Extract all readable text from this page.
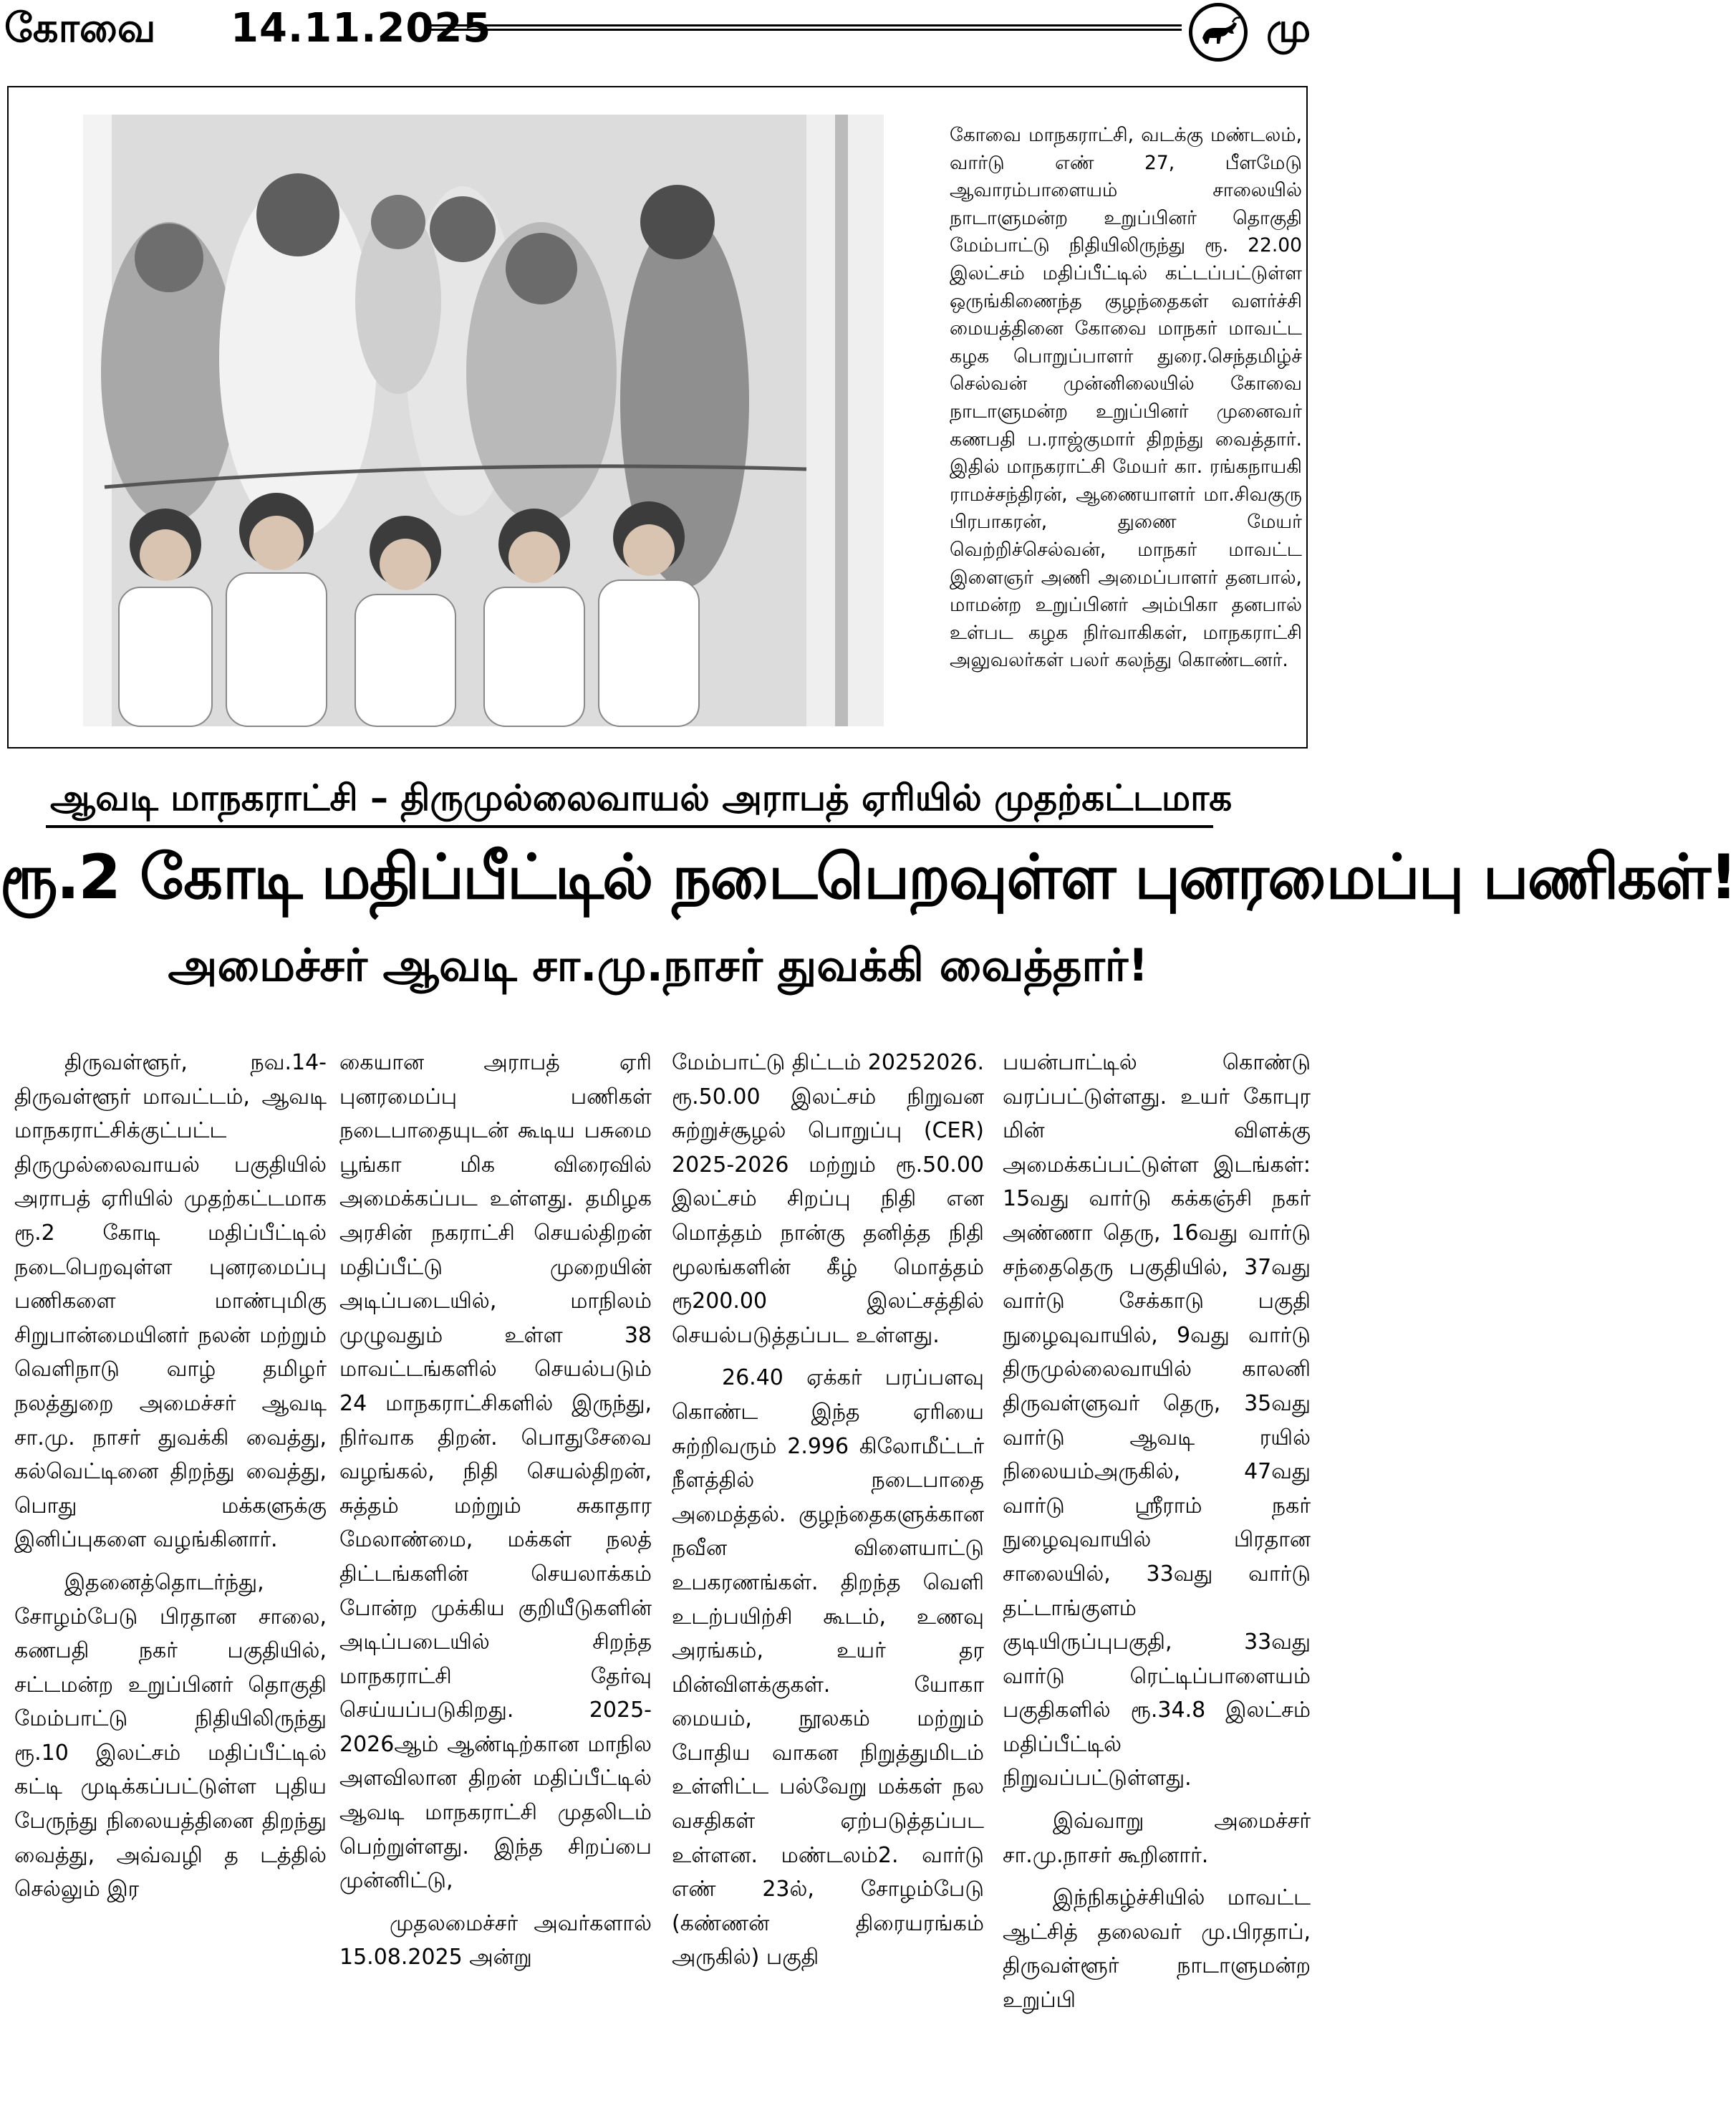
கோவை 14.11.2025	மு
கோவை மாநகராட்சி, வடக்கு மண்டலம், வார்டு எண் 27, பீளமேடு ஆவாரம்பாளையம் சாலையில் நாடாளுமன்ற உறுப்பினர் தொகுதி மேம்பாட்டு நிதியிலிருந்து ரூ. 22.00 இலட்சம் மதிப்பீட்டில் கட்டப்பட்டுள்ள ஒருங்கிணைந்த குழந்தைகள் வளர்ச்சி மையத்தினை கோவை மாநகர் மாவட்ட கழக பொறுப்பாளர் துரை.செந்தமிழ்ச் செல்வன் முன்னிலையில் கோவை நாடாளுமன்ற உறுப்பினர் முனைவர் கணபதி ப.ராஜ்குமார் திறந்து வைத்தார். இதில் மாநகராட்சி மேயர் கா. ரங்கநாயகி ராமச்சந்திரன், ஆணையாளர் மா.சிவகுரு பிரபாகரன், துணை மேயர் வெற்றிச்செல்வன், மாநகர் மாவட்ட இளைஞர் அணி அமைப்பாளர் தனபால், மாமன்ற உறுப்பினர் அம்பிகா தனபால் உள்பட கழக நிர்வாகிகள், மாநகராட்சி அலுவலர்கள் பலர் கலந்து கொண்டனர்.
ஆவடி மாநகராட்சி – திருமுல்லைவாயல் அராபத் ஏரியில் முதற்கட்டமாக
ரூ.2 கோடி மதிப்பீட்டில் நடைபெறவுள்ள புனரமைப்பு பணிகள்!
அமைச்சர் ஆவடி சா.மு.நாசர் துவக்கி வைத்தார்!

திருவள்ளூர், நவ.14- திருவள்ளூர் மாவட்டம், ஆவடி மாநகராட்சிக்குட்பட்ட திருமுல்லைவாயல் பகுதியில் அராபத் ஏரியில் முதற்கட்டமாக ரூ.2 கோடி மதிப்பீட்டில் நடைபெறவுள்ள புனரமைப்பு பணிகளை மாண்புமிகு சிறுபான்மையினர் நலன் மற்றும் வெளிநாடு வாழ் தமிழர் நலத்துறை அமைச்சர் ஆவடி சா.மு. நாசர் துவக்கி வைத்து, கல்வெட்டினை திறந்து வைத்து, பொது மக்களுக்கு இனிப்புகளை வழங்கினார்.

இதனைத்தொடர்ந்து, சோழம்பேடு பிரதான சாலை, கணபதி நகர் பகுதியில், சட்டமன்ற உறுப்பினர் தொகுதி மேம்பாட்டு நிதியிலிருந்து ரூ.10 இலட்சம் மதிப்பீட்டில் கட்டி முடிக்கப்பட்டுள்ள புதிய பேருந்து நிலையத்தினை திறந்து வைத்து, அவ்வழி த டத்தில் செல்லும் இர

கையான அராபத் ஏரி புனரமைப்பு பணிகள் நடைபாதையுடன் கூடிய பசுமை பூங்கா மிக விரைவில் அமைக்கப்பட உள்ளது. தமிழக அரசின் நகராட்சி செயல்திறன் மதிப்பீட்டு முறையின் அடிப்படையில், மாநிலம் முழுவதும் உள்ள 38 மாவட்டங்களில் செயல்படும் 24 மாநகராட்சிகளில் இருந்து, நிர்வாக திறன். பொதுசேவை வழங்கல், நிதி செயல்திறன், சுத்தம் மற்றும் சுகாதார மேலாண்மை, மக்கள் நலத் திட்டங்களின் செயலாக்கம் போன்ற முக்கிய குறியீடுகளின் அடிப்படையில் சிறந்த மாநகராட்சி தேர்வு செய்யப்படுகிறது. 2025-2026ஆம் ஆண்டிற்கான மாநில அளவிலான திறன் மதிப்பீட்டில் ஆவடி மாநகராட்சி முதலிடம் பெற்றுள்ளது. இந்த சிறப்பை முன்னிட்டு,

முதலமைச்சர் அவர்களால் 15.08.2025 அன்று

மேம்பாட்டு திட்டம் 20252026. ரூ.50.00 இலட்சம் நிறுவன சுற்றுச்சூழல் பொறுப்பு (CER) 2025-2026 மற்றும் ரூ.50.00 இலட்சம் சிறப்பு நிதி என மொத்தம் நான்கு தனித்த நிதி மூலங்களின் கீழ் மொத்தம் ரூ200.00 இலட்சத்தில் செயல்படுத்தப்பட உள்ளது.

26.40 ஏக்கர் பரப்பளவு கொண்ட இந்த ஏரியை சுற்றிவரும் 2.996 கிலோமீட்டர் நீளத்தில் நடைபாதை அமைத்தல். குழந்தைகளுக்கான நவீன விளையாட்டு உபகரணங்கள். திறந்த வெளி உடற்பயிற்சி கூடம், உணவு அரங்கம், உயர் தர மின்விளக்குகள். யோகா மையம், நூலகம் மற்றும் போதிய வாகன நிறுத்துமிடம் உள்ளிட்ட பல்வேறு மக்கள் நல வசதிகள் ஏற்படுத்தப்பட உள்ளன. மண்டலம்2. வார்டு எண் 23ல், சோழம்பேடு (கண்ணன் திரையரங்கம் அருகில்) பகுதி

பயன்பாட்டில் கொண்டு வரப்பட்டுள்ளது. உயர் கோபுர மின் விளக்கு அமைக்கப்பட்டுள்ள இடங்கள்: 15வது வார்டு கக்கஞ்சி நகர் அண்ணா தெரு, 16வது வார்டு சந்தைதெரு பகுதியில், 37வது வார்டு சேக்காடு பகுதி நுழைவுவாயில், 9வது வார்டு திருமுல்லைவாயில் காலனி திருவள்ளுவர் தெரு, 35வது வார்டு ஆவடி ரயில் நிலையம்அருகில், 47வது வார்டு ஸ்ரீராம் நகர் நுழைவுவாயில் பிரதான சாலையில், 33வது வார்டு தட்டாங்குளம் குடியிருப்புபகுதி, 33வது வார்டு ரெட்டிப்பாளையம் பகுதிகளில் ரூ.34.8 இலட்சம் மதிப்பீட்டில் நிறுவப்பட்டுள்ளது.

இவ்வாறு அமைச்சர் சா.மு.நாசர் கூறினார்.

இந்நிகழ்ச்சியில் மாவட்ட ஆட்சித் தலைவர் மு.பிரதாப், திருவள்ளூர் நாடாளுமன்ற உறுப்பி
